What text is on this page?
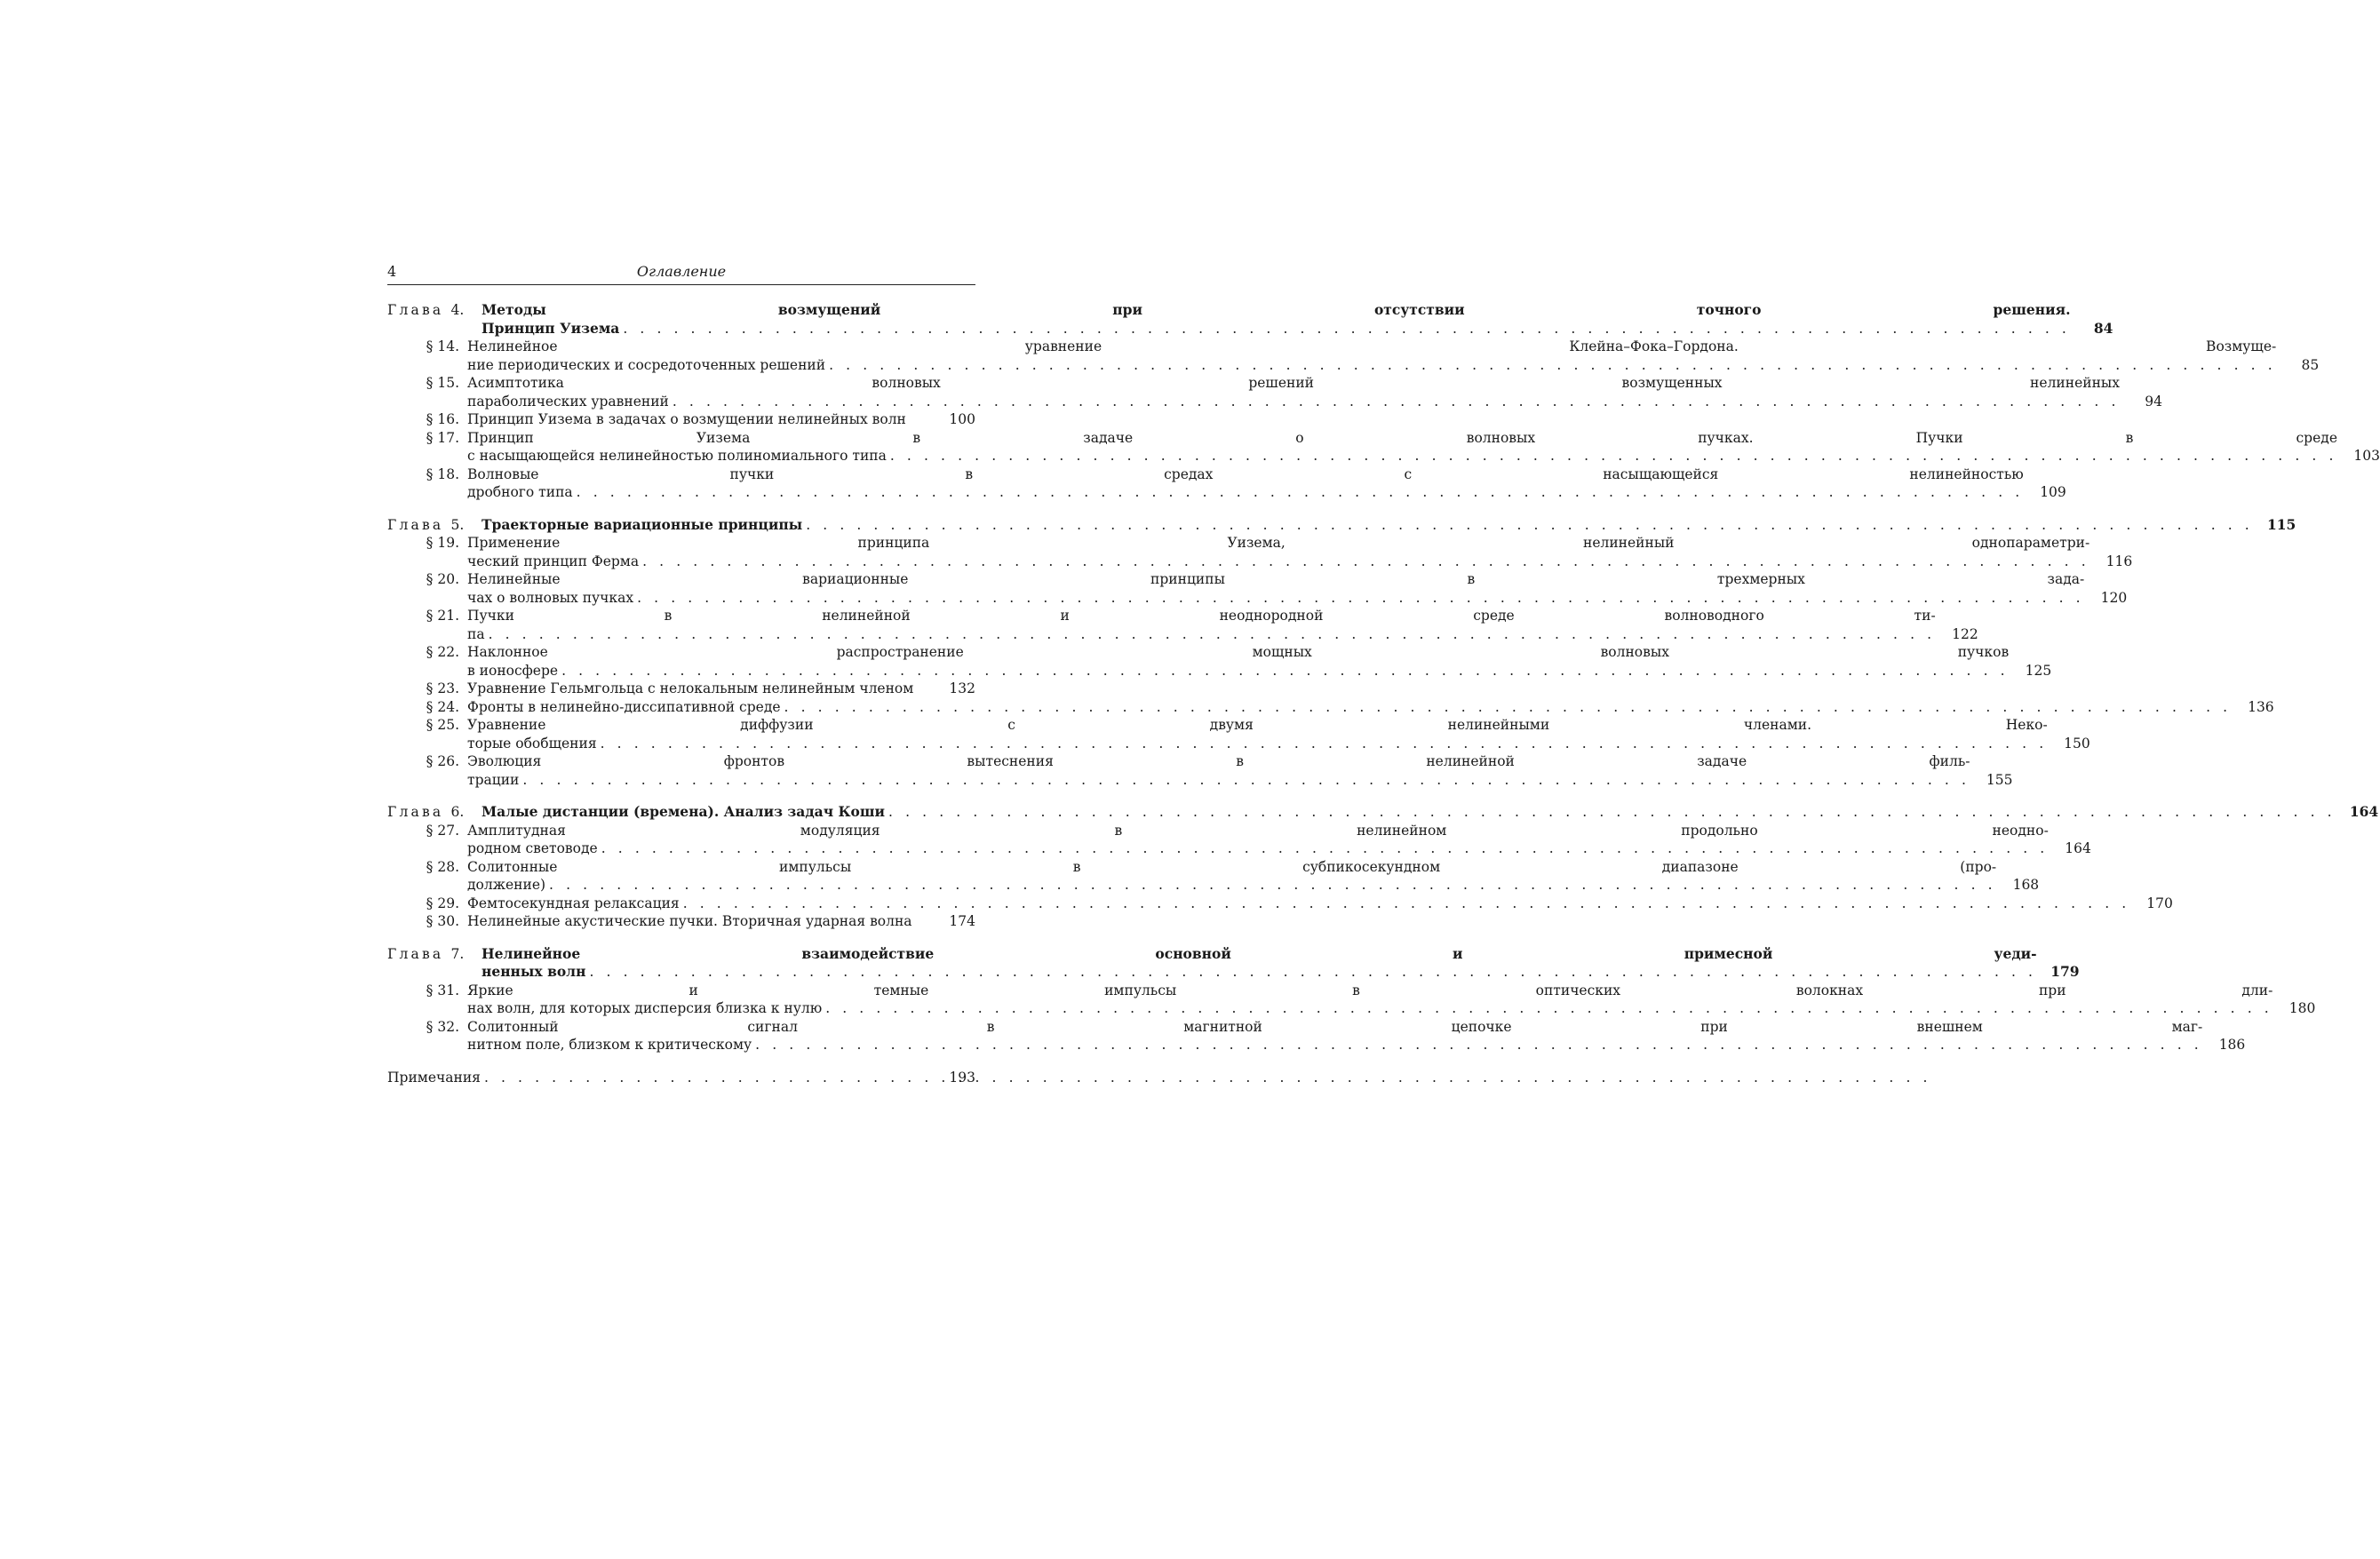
4	Оглавление
Глава 4.	Методы возмущений при отсутствии точного решения.
Принцип Уиземa . . .	84
§ 14. Нелинейное уравнение Клейна–Фока–Гордона. Возмуще-
ние периодических и сосредоточенных решений . . .	85
§ 15. Асимптотика волновых решений возмущенных нелинейных
параболических уравнений . . .	94
§ 16. Принцип Уизема в задачах о возмущении нелинейных волн	100
§ 17. Принцип Уизема в задаче о волновых пучках. Пучки в среде
с насыщающейся нелинейностью полиномиального типа . . .	103
§ 18. Волновые пучки в средах с насыщающейся нелинейностью
дробного типа . . .	109
Глава 5.	Траекторные вариационные принципы . . .	115
§ 19. Применение принципа Уизема, нелинейный однопараметри-
ческий принцип Ферма . . .	116
§ 20. Нелинейные вариационные принципы в трехмерных зада-
чах о волновых пучках . . .	120
§ 21. Пучки в нелинейной и неоднородной среде волноводного ти-
па . . .	122
§ 22. Наклонное распространение мощных волновых пучков
в ионосфере . . .	125
§ 23. Уравнение Гельмгольца с нелокальным нелинейным членом	132
§ 24. Фронты в нелинейно-диссипативной среде . . .	136
§ 25. Уравнение диффузии с двумя нелинейными членами. Неко-
торые обобщения . . .	150
§ 26. Эволюция фронтов вытеснения в нелинейной задаче филь-
трации . . .	155
Глава 6.	Малые дистанции (времена). Анализ задач Коши . . .	164
§ 27. Амплитудная модуляция в нелинейном продольно неодно-
родном световоде . . .	164
§ 28. Солитонные импульсы в субпикосекундном диапазоне (про-
должение) . . .	168
§ 29. Фемтосекундная релаксация . . .	170
§ 30. Нелинейные акустические пучки. Вторичная ударная волна	174
Глава 7.	Нелинейное взаимодействие основной и примесной уеди-
ненных волн . . .	179
§ 31. Яркие и темные импульсы в оптических волокнах при дли-
нах волн, для которых дисперсия близка к нулю . . .	180
§ 32. Солитонный сигнал в магнитной цепочке при внешнем маг-
нитном поле, близком к критическому . . .	186
Примечания . . .	193
